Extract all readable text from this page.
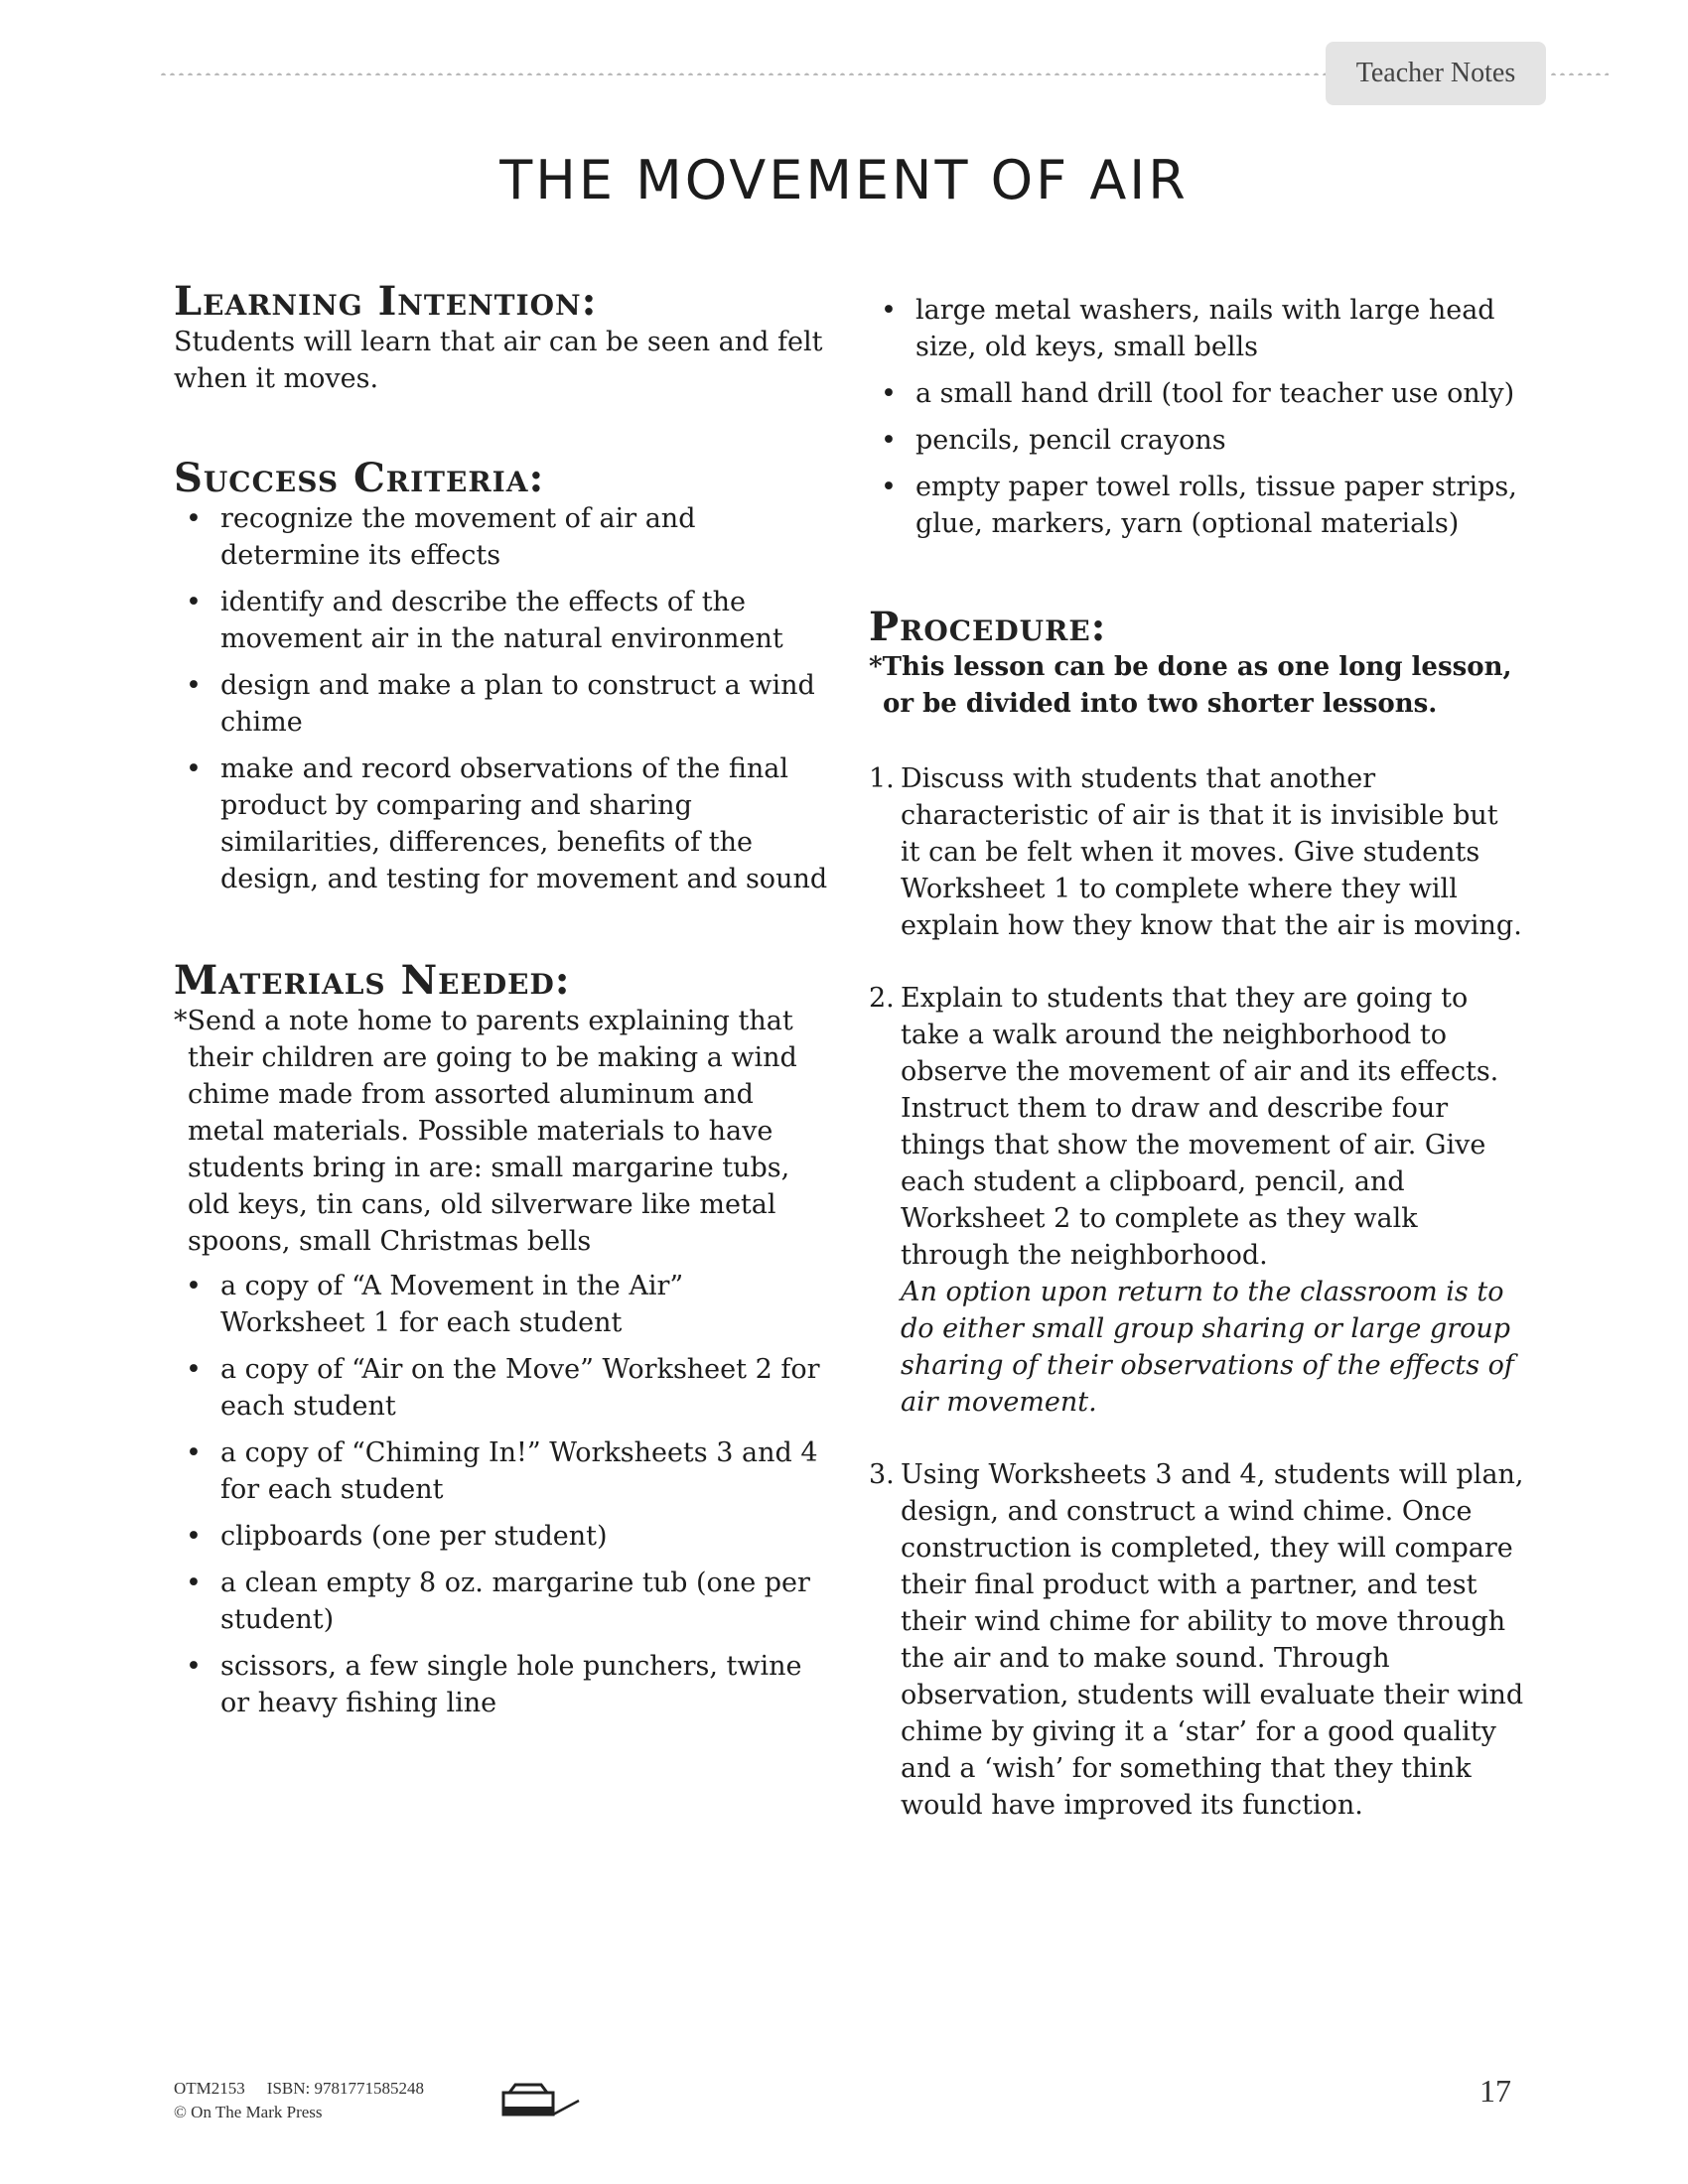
Teacher Notes
THE MOVEMENT OF AIR
Learning Intention:

Students will learn that air can be seen and felt when it moves.

Success Criteria:
• recognize the movement of air and determine its effects
• identify and describe the effects of the movement air in the natural environment
• design and make a plan to construct a wind chime
• make and record observations of the final product by comparing and sharing similarities, differences, benefits of the design, and testing for movement and sound
Materials Needed:

*Send a note home to parents explaining that their children are going to be making a wind chime made from assorted aluminum and metal materials. Possible materials to have students bring in are: small margarine tubs, old keys, tin cans, old silverware like metal spoons, small Christmas bells

• a copy of “A Movement in the Air” Worksheet 1 for each student
• a copy of “Air on the Move” Worksheet 2 for each student
• a copy of “Chiming In!” Worksheets 3 and 4 for each student
• clipboards (one per student)
• a clean empty 8 oz. margarine tub (one per student)
• scissors, a few single hole punchers, twine or heavy fishing line
• large metal washers, nails with large head size, old keys, small bells
• a small hand drill (tool for teacher use only)
• pencils, pencil crayons
• empty paper towel rolls, tissue paper strips, glue, markers, yarn (optional materials)
Procedure:

*This lesson can be done as one long lesson, or be divided into two shorter lessons.

1. Discuss with students that another characteristic of air is that it is invisible but it can be felt when it moves. Give students Worksheet 1 to complete where they will explain how they know that the air is moving.
2. Explain to students that they are going to take a walk around the neighborhood to observe the movement of air and its effects. Instruct them to draw and describe four things that show the movement of air. Give each student a clipboard, pencil, and Worksheet 2 to complete as they walk through the neighborhood.
An option upon return to the classroom is to do either small group sharing or large group sharing of their observations of the effects of air movement.
3. Using Worksheets 3 and 4, students will plan, design, and construct a wind chime. Once construction is completed, they will compare their final product with a partner, and test their wind chime for ability to move through the air and to make sound. Through observation, students will evaluate their wind chime by giving it a ‘star’ for a good quality and a ‘wish’ for something that they think would have improved its function.
OTM2153 ISBN: 9781771585248
© On The Mark Press
17
